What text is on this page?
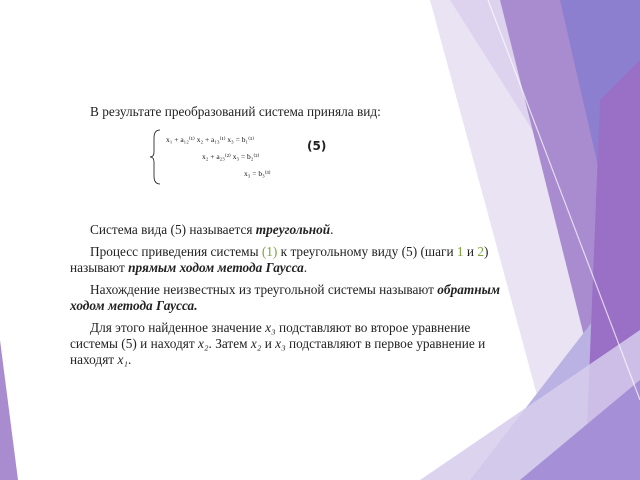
В результате преобразований система приняла вид:

x₁ + a₁₂⁽¹⁾ x₂ + a₁₃⁽¹⁾ x₃ = b₁⁽¹⁾
x₂ + a₂₃⁽²⁾ x₃ = b₂⁽²⁾
x₃ = b₃⁽³⁾
(5)

Система вида (5) называется треугольной.

Процесс приведения системы (1) к треугольному виду (5) (шаги 1 и 2) называют прямым ходом метода Гаусса.

Нахождение неизвестных из треугольной системы называют обратным ходом метода Гаусса.

Для этого найденное значение x₃ подставляют во второе уравнение системы (5) и находят x₂. Затем x₂ и x₃ подставляют в первое уравнение и находят x₁.
